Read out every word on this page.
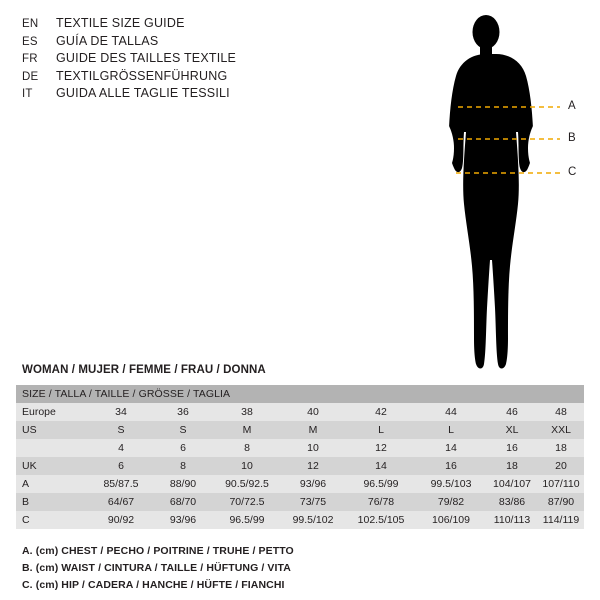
EN	TEXTILE SIZE GUIDE
ES	GUÍA DE TALLAS
FR	GUIDE DES TAILLES TEXTILE
DE	TEXTILGRÖSSENFÜHRUNG
IT	GUIDA ALLE TAGLIE TESSILI
A
B
C
WOMAN / MUJER / FEMME / FRAU / DONNA
SIZE / TALLA / TAILLE / GRÖSSE / TAGLIA								
Europe	34	36	38	40	42	44	46	48
US	S	S	M	M	L	L	XL	XXL
	4	6	8	10	12	14	16	18
UK	6	8	10	12	14	16	18	20
A	85/87.5	88/90	90.5/92.5	93/96	96.5/99	99.5/103	104/107	107/110
B	64/67	68/70	70/72.5	73/75	76/78	79/82	83/86	87/90
C	90/92	93/96	96.5/99	99.5/102	102.5/105	106/109	110/113	114/119
A. (cm) CHEST / PECHO / POITRINE / TRUHE / PETTO
B. (cm) WAIST / CINTURA / TAILLE / HÜFTUNG / VITA
C. (cm) HIP / CADERA / HANCHE / HÜFTE / FIANCHI
